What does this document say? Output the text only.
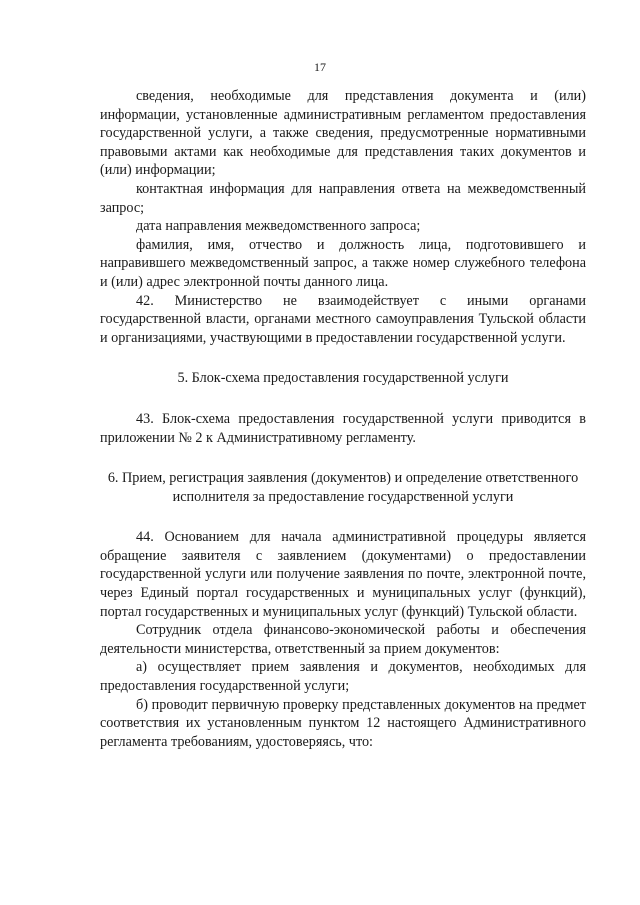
17

сведения, необходимые для представления документа и (или) информации, установленные административным регламентом предоставления государственной услуги, а также сведения, предусмотренные нормативными правовыми актами как необходимые для представления таких документов и (или) информации;

контактная информация для направления ответа на межведомственный запрос;

дата направления межведомственного запроса;

фамилия, имя, отчество и должность лица, подготовившего и направившего межведомственный запрос, а также номер служебного телефона и (или) адрес электронной почты данного лица.

42. Министерство не взаимодействует с иными органами государственной власти, органами местного самоуправления Тульской области и организациями, участвующими в предоставлении государственной услуги.

5. Блок-схема предоставления государственной услуги

43. Блок-схема предоставления государственной услуги приводится в приложении № 2 к Административному регламенту.

6. Прием, регистрация заявления (документов) и определение ответственного исполнителя за предоставление государственной услуги

44. Основанием для начала административной процедуры является обращение заявителя с заявлением (документами) о предоставлении государственной услуги или получение заявления по почте, электронной почте, через Единый портал государственных и муниципальных услуг (функций), портал государственных и муниципальных услуг (функций) Тульской области.

Сотрудник отдела финансово-экономической работы и обеспечения деятельности министерства, ответственный за прием документов:

а) осуществляет прием заявления и документов, необходимых для предоставления государственной услуги;

б) проводит первичную проверку представленных документов на предмет соответствия их установленным пунктом 12 настоящего Административного регламента требованиям, удостоверяясь, что:
